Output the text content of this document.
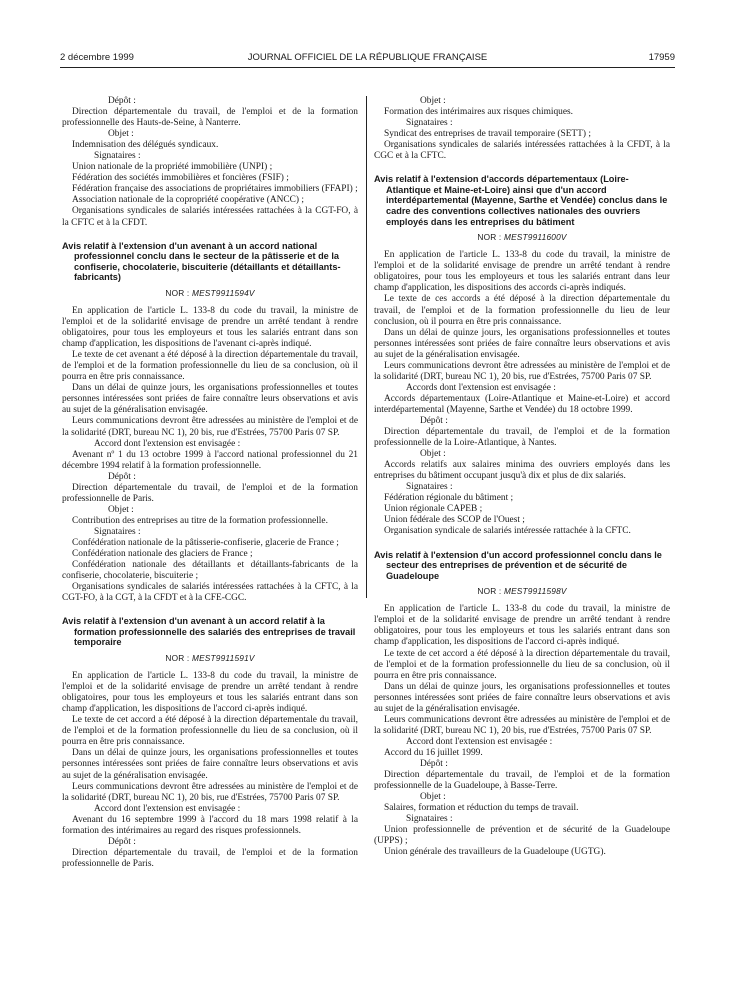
2 décembre 1999	JOURNAL OFFICIEL DE LA RÉPUBLIQUE FRANÇAISE	17959

Dépôt :

Direction départementale du travail, de l'emploi et de la formation professionnelle des Hauts-de-Seine, à Nanterre.

Objet :

Indemnisation des délégués syndicaux.

Signataires :

Union nationale de la propriété immobilière (UNPI) ;

Fédération des sociétés immobilières et foncières (FSIF) ;

Fédération française des associations de propriétaires immobiliers (FFAPI) ;

Association nationale de la copropriété coopérative (ANCC) ;

Organisations syndicales de salariés intéressées rattachées à la CGT-FO, à la CFTC et à la CFDT.

Avis relatif à l'extension d'un avenant à un accord national professionnel conclu dans le secteur de la pâtisserie et de la confiserie, chocolaterie, biscuiterie (détaillants et détaillants-fabricants)
NOR : MEST9911594V

En application de l'article L. 133-8 du code du travail, la ministre de l'emploi et de la solidarité envisage de prendre un arrêté tendant à rendre obligatoires, pour tous les employeurs et tous les salariés entrant dans son champ d'application, les dispositions de l'avenant ci-après indiqué.

Le texte de cet avenant a été déposé à la direction départementale du travail, de l'emploi et de la formation professionnelle du lieu de sa conclusion, où il pourra en être pris connaissance.

Dans un délai de quinze jours, les organisations professionnelles et toutes personnes intéressées sont priées de faire connaître leurs observations et avis au sujet de la généralisation envisagée.

Leurs communications devront être adressées au ministère de l'emploi et de la solidarité (DRT, bureau NC 1), 20 bis, rue d'Estrées, 75700 Paris 07 SP.

Accord dont l'extension est envisagée :

Avenant nº 1 du 13 octobre 1999 à l'accord national professionnel du 21 décembre 1994 relatif à la formation professionnelle.

Dépôt :

Direction départementale du travail, de l'emploi et de la formation professionnelle de Paris.

Objet :

Contribution des entreprises au titre de la formation professionnelle.

Signataires :

Confédération nationale de la pâtisserie-confiserie, glacerie de France ;

Confédération nationale des glaciers de France ;

Confédération nationale des détaillants et détaillants-fabricants de la confiserie, chocolaterie, biscuiterie ;

Organisations syndicales de salariés intéressées rattachées à la CFTC, à la CGT-FO, à la CGT, à la CFDT et à la CFE-CGC.

Avis relatif à l'extension d'un avenant à un accord relatif à la formation professionnelle des salariés des entreprises de travail temporaire
NOR : MEST9911591V

En application de l'article L. 133-8 du code du travail, la ministre de l'emploi et de la solidarité envisage de prendre un arrêté tendant à rendre obligatoires, pour tous les employeurs et tous les salariés entrant dans son champ d'application, les dispositions de l'accord ci-après indiqué.

Le texte de cet accord a été déposé à la direction départementale du travail, de l'emploi et de la formation professionnelle du lieu de sa conclusion, où il pourra en être pris connaissance.

Dans un délai de quinze jours, les organisations professionnelles et toutes personnes intéressées sont priées de faire connaître leurs observations et avis au sujet de la généralisation envisagée.

Leurs communications devront être adressées au ministère de l'emploi et de la solidarité (DRT, bureau NC 1), 20 bis, rue d'Estrées, 75700 Paris 07 SP.

Accord dont l'extension est envisagée :

Avenant du 16 septembre 1999 à l'accord du 18 mars 1998 relatif à la formation des intérimaires au regard des risques professionnels.

Dépôt :

Direction départementale du travail, de l'emploi et de la formation professionnelle de Paris.

Objet :

Formation des intérimaires aux risques chimiques.

Signataires :

Syndicat des entreprises de travail temporaire (SETT) ;

Organisations syndicales de salariés intéressées rattachées à la CFDT, à la CGC et à la CFTC.

Avis relatif à l'extension d'accords départementaux (Loire-Atlantique et Maine-et-Loire) ainsi que d'un accord interdépartemental (Mayenne, Sarthe et Vendée) conclus dans le cadre des conventions collectives nationales des ouvriers employés dans les entreprises du bâtiment
NOR : MEST9911600V

En application de l'article L. 133-8 du code du travail, la ministre de l'emploi et de la solidarité envisage de prendre un arrêté tendant à rendre obligatoires, pour tous les employeurs et tous les salariés entrant dans leur champ d'application, les dispositions des accords ci-après indiqués.

Le texte de ces accords a été déposé à la direction départementale du travail, de l'emploi et de la formation professionnelle du lieu de leur conclusion, où il pourra en être pris connaissance.

Dans un délai de quinze jours, les organisations professionnelles et toutes personnes intéressées sont priées de faire connaître leurs observations et avis au sujet de la généralisation envisagée.

Leurs communications devront être adressées au ministère de l'emploi et de la solidarité (DRT, bureau NC 1), 20 bis, rue d'Estrées, 75700 Paris 07 SP.

Accords dont l'extension est envisagée :

Accords départementaux (Loire-Atlantique et Maine-et-Loire) et accord interdépartemental (Mayenne, Sarthe et Vendée) du 18 octobre 1999.

Dépôt :

Direction départementale du travail, de l'emploi et de la formation professionnelle de la Loire-Atlantique, à Nantes.

Objet :

Accords relatifs aux salaires minima des ouvriers employés dans les entreprises du bâtiment occupant jusqu'à dix et plus de dix salariés.

Signataires :

Fédération régionale du bâtiment ;

Union régionale CAPEB ;

Union fédérale des SCOP de l'Ouest ;

Organisation syndicale de salariés intéressée rattachée à la CFTC.

Avis relatif à l'extension d'un accord professionnel conclu dans le secteur des entreprises de prévention et de sécurité de Guadeloupe
NOR : MEST9911598V

En application de l'article L. 133-8 du code du travail, la ministre de l'emploi et de la solidarité envisage de prendre un arrêté tendant à rendre obligatoires, pour tous les employeurs et tous les salariés entrant dans son champ d'application, les dispositions de l'accord ci-après indiqué.

Le texte de cet accord a été déposé à la direction départementale du travail, de l'emploi et de la formation professionnelle du lieu de sa conclusion, où il pourra en être pris connaissance.

Dans un délai de quinze jours, les organisations professionnelles et toutes personnes intéressées sont priées de faire connaître leurs observations et avis au sujet de la généralisation envisagée.

Leurs communications devront être adressées au ministère de l'emploi et de la solidarité (DRT, bureau NC 1), 20 bis, rue d'Estrées, 75700 Paris 07 SP.

Accord dont l'extension est envisagée :

Accord du 16 juillet 1999.

Dépôt :

Direction départementale du travail, de l'emploi et de la formation professionnelle de la Guadeloupe, à Basse-Terre.

Objet :

Salaires, formation et réduction du temps de travail.

Signataires :

Union professionnelle de prévention et de sécurité de la Guadeloupe (UPPS) ;

Union générale des travailleurs de la Guadeloupe (UGTG).
